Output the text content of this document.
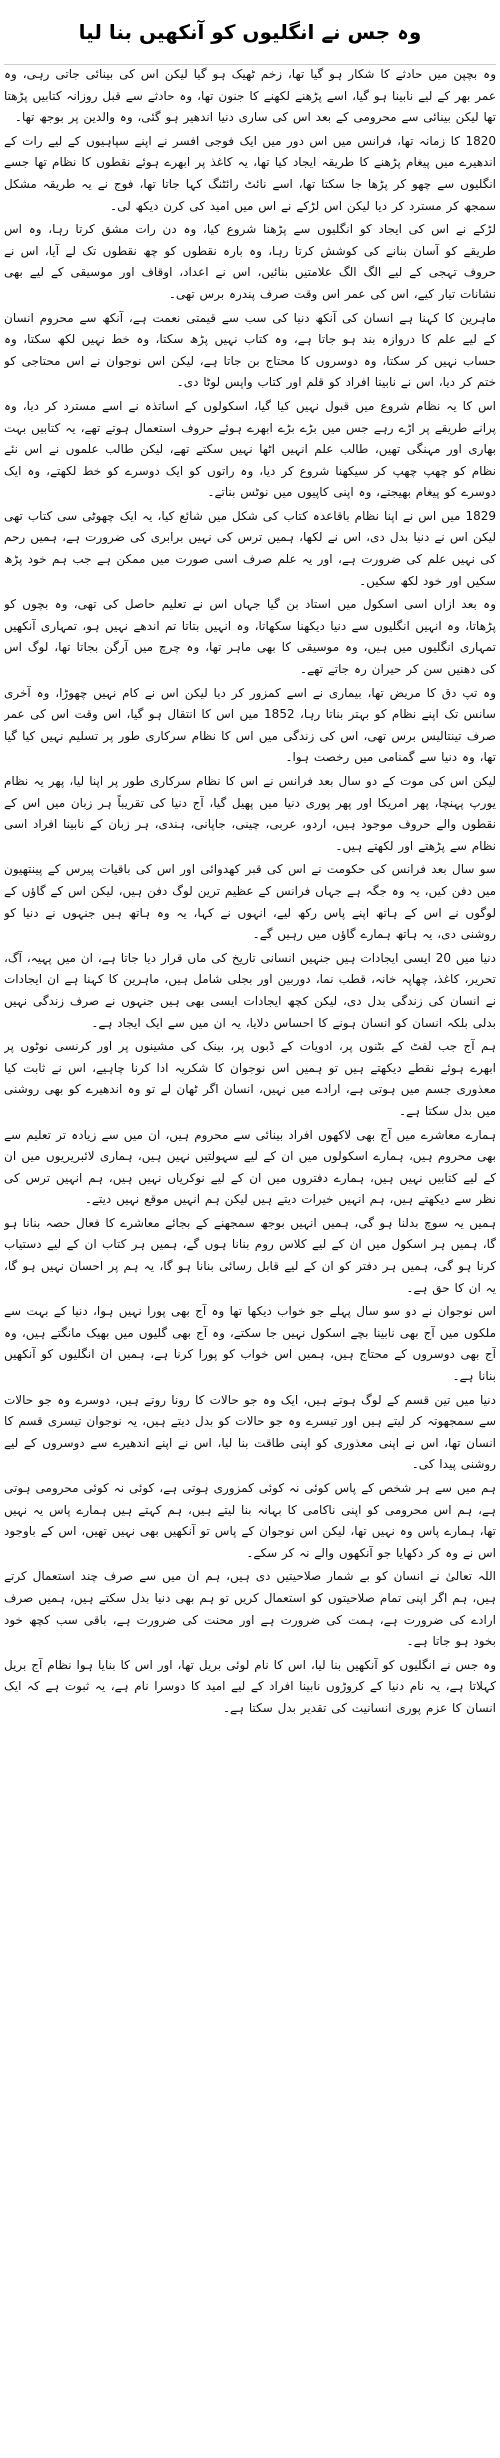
وہ جس نے انگلیوں کو آنکھیں بنا لیا

وہ بچپن میں حادثے کا شکار ہو گیا تھا، زخم ٹھیک ہو گیا لیکن اس کی بینائی جاتی رہی، وہ عمر بھر کے لیے نابینا ہو گیا، اسے پڑھنے لکھنے کا جنون تھا، وہ حادثے سے قبل روزانہ کتابیں پڑھتا تھا لیکن بینائی سے محرومی کے بعد اس کی ساری دنیا اندھیر ہو گئی، وہ والدین پر بوجھ تھا۔

1820 کا زمانہ تھا، فرانس میں اس دور میں ایک فوجی افسر نے اپنے سپاہیوں کے لیے رات کے اندھیرے میں پیغام پڑھنے کا طریقہ ایجاد کیا تھا، یہ کاغذ پر ابھرے ہوئے نقطوں کا نظام تھا جسے انگلیوں سے چھو کر پڑھا جا سکتا تھا، اسے نائٹ رائٹنگ کہا جاتا تھا، فوج نے یہ طریقہ مشکل سمجھ کر مسترد کر دیا لیکن اس لڑکے نے اس میں امید کی کرن دیکھ لی۔

لڑکے نے اس کی ایجاد کو انگلیوں سے پڑھنا شروع کیا، وہ دن رات مشق کرتا رہا، وہ اس طریقے کو آسان بنانے کی کوشش کرتا رہا، وہ بارہ نقطوں کو چھ نقطوں تک لے آیا، اس نے حروف تہجی کے لیے الگ الگ علامتیں بنائیں، اس نے اعداد، اوقاف اور موسیقی کے لیے بھی نشانات تیار کیے، اس کی عمر اس وقت صرف پندرہ برس تھی۔

ماہرین کا کہنا ہے انسان کی آنکھ دنیا کی سب سے قیمتی نعمت ہے، آنکھ سے محروم انسان کے لیے علم کا دروازہ بند ہو جاتا ہے، وہ کتاب نہیں پڑھ سکتا، وہ خط نہیں لکھ سکتا، وہ حساب نہیں کر سکتا، وہ دوسروں کا محتاج بن جاتا ہے، لیکن اس نوجوان نے اس محتاجی کو ختم کر دیا، اس نے نابینا افراد کو قلم اور کتاب واپس لوٹا دی۔

اس کا یہ نظام شروع میں قبول نہیں کیا گیا، اسکولوں کے اساتذہ نے اسے مسترد کر دیا، وہ پرانے طریقے پر اڑے رہے جس میں بڑے بڑے ابھرے ہوئے حروف استعمال ہوتے تھے، یہ کتابیں بہت بھاری اور مہنگی تھیں، طالب علم انہیں اٹھا نہیں سکتے تھے، لیکن طالب علموں نے اس نئے نظام کو چھپ چھپ کر سیکھنا شروع کر دیا، وہ راتوں کو ایک دوسرے کو خط لکھتے، وہ ایک دوسرے کو پیغام بھیجتے، وہ اپنی کاپیوں میں نوٹس بناتے۔

1829 میں اس نے اپنا نظام باقاعدہ کتاب کی شکل میں شائع کیا، یہ ایک چھوٹی سی کتاب تھی لیکن اس نے دنیا بدل دی، اس نے لکھا، ہمیں ترس کی نہیں برابری کی ضرورت ہے، ہمیں رحم کی نہیں علم کی ضرورت ہے، اور یہ علم صرف اسی صورت میں ممکن ہے جب ہم خود پڑھ سکیں اور خود لکھ سکیں۔

وہ بعد ازاں اسی اسکول میں استاد بن گیا جہاں اس نے تعلیم حاصل کی تھی، وہ بچوں کو پڑھاتا، وہ انہیں انگلیوں سے دنیا دیکھنا سکھاتا، وہ انہیں بتاتا تم اندھے نہیں ہو، تمہاری آنکھیں تمہاری انگلیوں میں ہیں، وہ موسیقی کا بھی ماہر تھا، وہ چرچ میں آرگن بجاتا تھا، لوگ اس کی دھنیں سن کر حیران رہ جاتے تھے۔

وہ تپ دق کا مریض تھا، بیماری نے اسے کمزور کر دیا لیکن اس نے کام نہیں چھوڑا، وہ آخری سانس تک اپنے نظام کو بہتر بناتا رہا، 1852 میں اس کا انتقال ہو گیا، اس وقت اس کی عمر صرف تینتالیس برس تھی، اس کی زندگی میں اس کا نظام سرکاری طور پر تسلیم نہیں کیا گیا تھا، وہ دنیا سے گمنامی میں رخصت ہوا۔

لیکن اس کی موت کے دو سال بعد فرانس نے اس کا نظام سرکاری طور پر اپنا لیا، پھر یہ نظام یورپ پہنچا، پھر امریکا اور پھر پوری دنیا میں پھیل گیا، آج دنیا کی تقریباً ہر زبان میں اس کے نقطوں والے حروف موجود ہیں، اردو، عربی، چینی، جاپانی، ہندی، ہر زبان کے نابینا افراد اسی نظام سے پڑھتے اور لکھتے ہیں۔

سو سال بعد فرانس کی حکومت نے اس کی قبر کھدوائی اور اس کی باقیات پیرس کے پینتھیون میں دفن کیں، یہ وہ جگہ ہے جہاں فرانس کے عظیم ترین لوگ دفن ہیں، لیکن اس کے گاؤں کے لوگوں نے اس کے ہاتھ اپنے پاس رکھ لیے، انہوں نے کہا، یہ وہ ہاتھ ہیں جنہوں نے دنیا کو روشنی دی، یہ ہاتھ ہمارے گاؤں میں رہیں گے۔

دنیا میں 20 ایسی ایجادات ہیں جنہیں انسانی تاریخ کی ماں قرار دیا جاتا ہے، ان میں پہیہ، آگ، تحریر، کاغذ، چھاپہ خانہ، قطب نما، دوربین اور بجلی شامل ہیں، ماہرین کا کہنا ہے ان ایجادات نے انسان کی زندگی بدل دی، لیکن کچھ ایجادات ایسی بھی ہیں جنہوں نے صرف زندگی نہیں بدلی بلکہ انسان کو انسان ہونے کا احساس دلایا، یہ ان میں سے ایک ایجاد ہے۔

ہم آج جب لفٹ کے بٹنوں پر، ادویات کے ڈبوں پر، بینک کی مشینوں پر اور کرنسی نوٹوں پر ابھرے ہوئے نقطے دیکھتے ہیں تو ہمیں اس نوجوان کا شکریہ ادا کرنا چاہیے، اس نے ثابت کیا معذوری جسم میں ہوتی ہے، ارادے میں نہیں، انسان اگر ٹھان لے تو وہ اندھیرے کو بھی روشنی میں بدل سکتا ہے۔

ہمارے معاشرے میں آج بھی لاکھوں افراد بینائی سے محروم ہیں، ان میں سے زیادہ تر تعلیم سے بھی محروم ہیں، ہمارے اسکولوں میں ان کے لیے سہولتیں نہیں ہیں، ہماری لائبریریوں میں ان کے لیے کتابیں نہیں ہیں، ہمارے دفتروں میں ان کے لیے نوکریاں نہیں ہیں، ہم انہیں ترس کی نظر سے دیکھتے ہیں، ہم انہیں خیرات دیتے ہیں لیکن ہم انہیں موقع نہیں دیتے۔

ہمیں یہ سوچ بدلنا ہو گی، ہمیں انہیں بوجھ سمجھنے کے بجائے معاشرے کا فعال حصہ بنانا ہو گا، ہمیں ہر اسکول میں ان کے لیے کلاس روم بنانا ہوں گے، ہمیں ہر کتاب ان کے لیے دستیاب کرنا ہو گی، ہمیں ہر دفتر کو ان کے لیے قابل رسائی بنانا ہو گا، یہ ہم پر احسان نہیں ہو گا، یہ ان کا حق ہے۔

اس نوجوان نے دو سو سال پہلے جو خواب دیکھا تھا وہ آج بھی پورا نہیں ہوا، دنیا کے بہت سے ملکوں میں آج بھی نابینا بچے اسکول نہیں جا سکتے، وہ آج بھی گلیوں میں بھیک مانگتے ہیں، وہ آج بھی دوسروں کے محتاج ہیں، ہمیں اس خواب کو پورا کرنا ہے، ہمیں ان انگلیوں کو آنکھیں بنانا ہے۔

دنیا میں تین قسم کے لوگ ہوتے ہیں، ایک وہ جو حالات کا رونا روتے ہیں، دوسرے وہ جو حالات سے سمجھوتہ کر لیتے ہیں اور تیسرے وہ جو حالات کو بدل دیتے ہیں، یہ نوجوان تیسری قسم کا انسان تھا، اس نے اپنی معذوری کو اپنی طاقت بنا لیا، اس نے اپنے اندھیرے سے دوسروں کے لیے روشنی پیدا کی۔

ہم میں سے ہر شخص کے پاس کوئی نہ کوئی کمزوری ہوتی ہے، کوئی نہ کوئی محرومی ہوتی ہے، ہم اس محرومی کو اپنی ناکامی کا بہانہ بنا لیتے ہیں، ہم کہتے ہیں ہمارے پاس یہ نہیں تھا، ہمارے پاس وہ نہیں تھا، لیکن اس نوجوان کے پاس تو آنکھیں بھی نہیں تھیں، اس کے باوجود اس نے وہ کر دکھایا جو آنکھوں والے نہ کر سکے۔

اللہ تعالیٰ نے انسان کو بے شمار صلاحیتیں دی ہیں، ہم ان میں سے صرف چند استعمال کرتے ہیں، ہم اگر اپنی تمام صلاحیتوں کو استعمال کریں تو ہم بھی دنیا بدل سکتے ہیں، ہمیں صرف ارادے کی ضرورت ہے، ہمت کی ضرورت ہے اور محنت کی ضرورت ہے، باقی سب کچھ خود بخود ہو جاتا ہے۔

وہ جس نے انگلیوں کو آنکھیں بنا لیا، اس کا نام لوئی بریل تھا، اور اس کا بنایا ہوا نظام آج بریل کہلاتا ہے، یہ نام دنیا کے کروڑوں نابینا افراد کے لیے امید کا دوسرا نام ہے، یہ ثبوت ہے کہ ایک انسان کا عزم پوری انسانیت کی تقدیر بدل سکتا ہے۔
